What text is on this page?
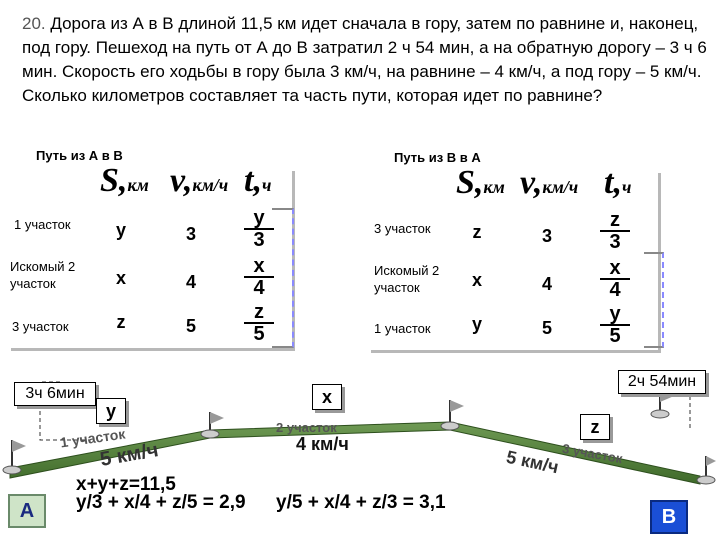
20. Дорога из А в В длиной 11,5 км идет сначала в гору, затем по равнине и, наконец, под гору. Пешеход на путь от А до В затратил 2 ч 54 мин, а на обратную дорогу – 3 ч 6 мин. Скорость его ходьбы в гору была 3 км/ч, на равнине – 4 км/ч, а под гору – 5 км/ч. Сколько километров составляет та часть пути, которая идет по равнине?
Путь из А в В
S,км v,км/ч t,ч
1 участок	y	3	$\frac{y}{3}$
Искомый 2 участок	x	4	$\frac{x}{4}$
3 участок	z	5	$\frac{z}{5}$
Путь из В в А
S,км v,км/ч t,ч
3 участок	z	3	$\frac{z}{3}$
Искомый 2 участок	x	4	$\frac{x}{4}$
1 участок	y	5	$\frac{y}{5}$
3ч 6мин
2ч 54мин
y
x
z
1 участок
5 км/ч
2 участок
4 км/ч	3 участок
5 км/ч
А	В
x+y+z=11,5
y/3 + x/4 + z/5 = 2,9 y/5 + x/4 + z/3 = 3,1
